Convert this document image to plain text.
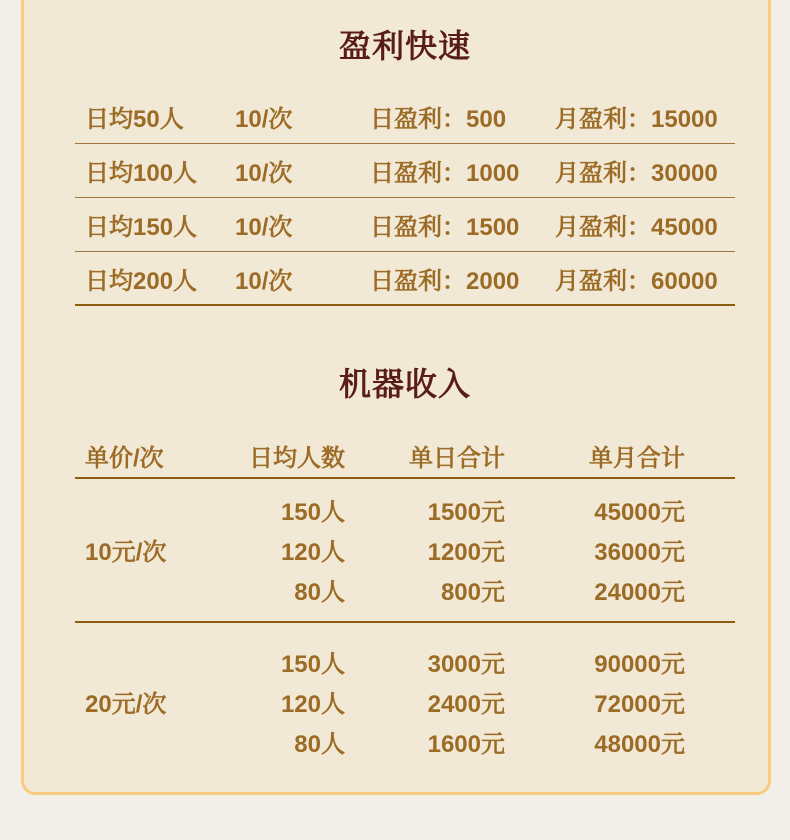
盈利快速
日均50人	10/次	日盈利：500	月盈利：15000
日均100人	10/次	日盈利：1000	月盈利：30000
日均150人	10/次	日盈利：1500	月盈利：45000
日均200人	10/次	日盈利：2000	月盈利：60000
机器收入
单价/次	日均人数	单日合计	单月合计
10元/次
150人	1500元	45000元
120人	1200元	36000元
80人	800元	24000元
20元/次
150人	3000元	90000元
120人	2400元	72000元
80人	1600元	48000元
